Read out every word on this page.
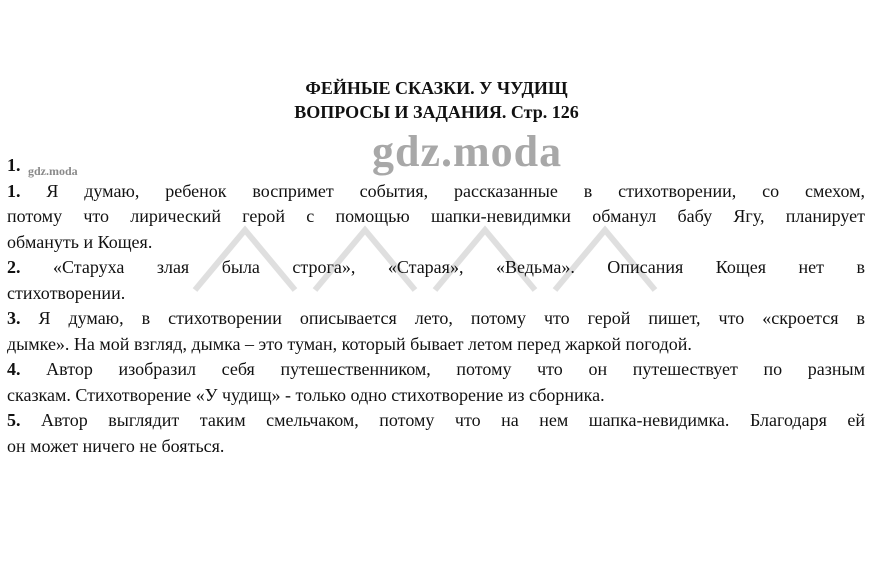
ФЕЙНЫЕ СКАЗКИ. У ЧУДИЩ
ВОПРОСЫ И ЗАДАНИЯ. Стр. 126
gdz.moda
gdz.moda
1.
1. Я думаю, ребенок воспримет события, рассказанные в стихотворении, со смехом,
потому что лирический герой с помощью шапки-невидимки обманул бабу Ягу, планирует
обмануть и Кощея.
2. «Старуха злая была строга», «Старая», «Ведьма». Описания Кощея нет в
стихотворении.
3. Я думаю, в стихотворении описывается лето, потому что герой пишет, что «скроется в
дымке». На мой взгляд, дымка – это туман, который бывает летом перед жаркой погодой.
4. Автор изобразил себя путешественником, потому что он путешествует по разным
сказкам. Стихотворение «У чудищ» - только одно стихотворение из сборника.
5. Автор выглядит таким смельчаком, потому что на нем шапка-невидимка. Благодаря ей
он может ничего не бояться.
